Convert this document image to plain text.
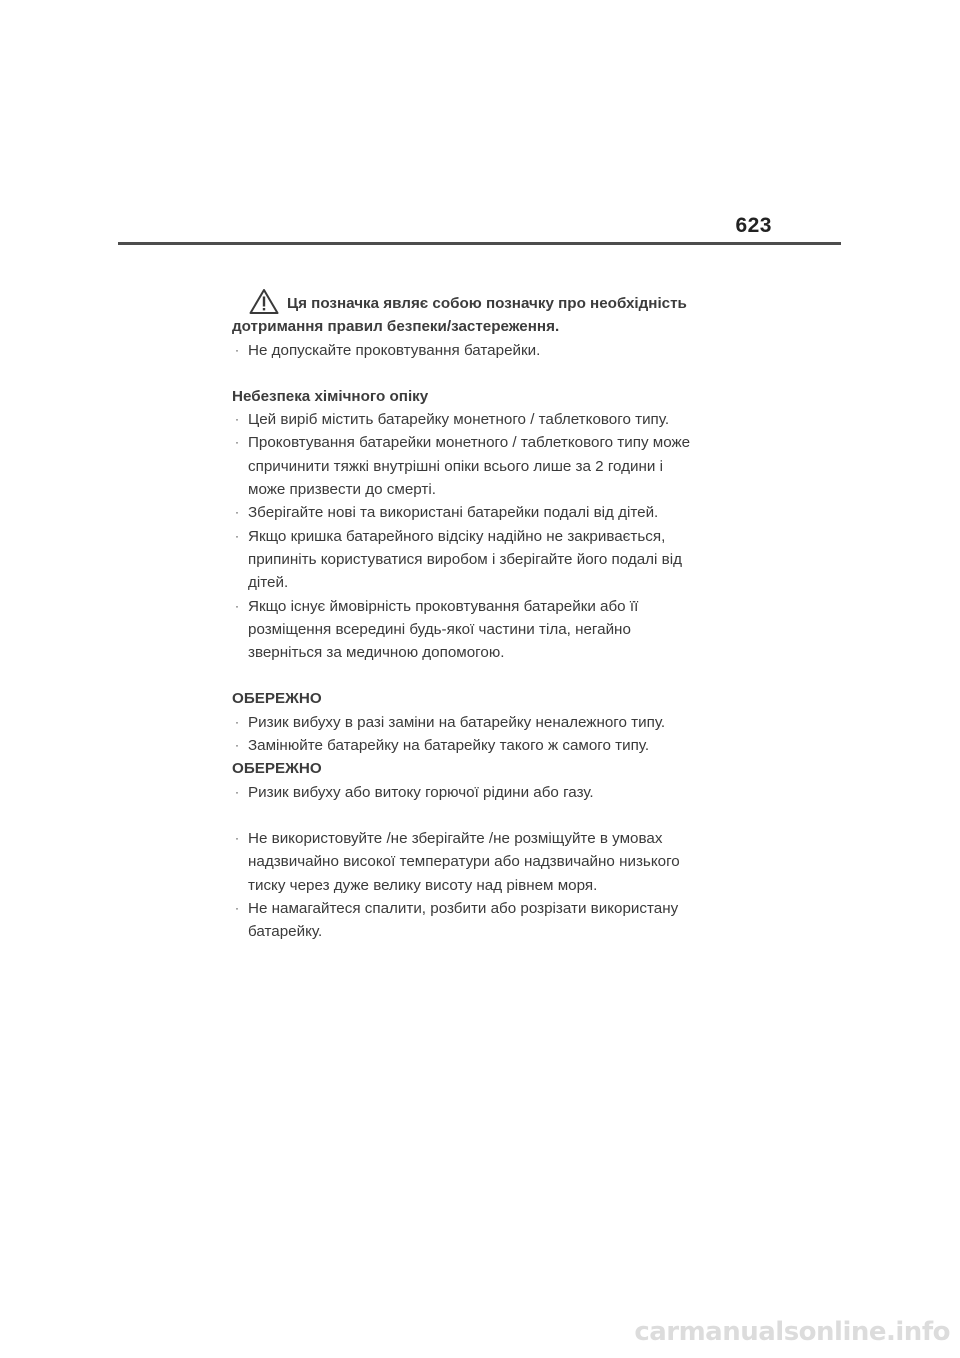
623
Ця позначка являє собою позначку про необхідність
дотримання правил безпеки/застереження.
· Не допускайте проковтування батарейки.
Небезпека хімічного опіку
· Цей виріб містить батарейку монетного / таблеткового типу.
· Проковтування батарейки монетного / таблеткового типу може
спричинити тяжкі внутрішні опіки всього лише за 2 години і
може призвести до смерті.
· Зберігайте нові та використані батарейки подалі від дітей.
· Якщо кришка батарейного відсіку надійно не закривається,
припиніть користуватися виробом і зберігайте його подалі від
дітей.
· Якщо існує ймовірність проковтування батарейки або її
розміщення всередині будь-якої частини тіла, негайно
зверніться за медичною допомогою.
ОБЕРЕЖНО
· Ризик вибуху в разі заміни на батарейку неналежного типу.
· Замінюйте батарейку на батарейку такого ж самого типу.
ОБЕРЕЖНО
· Ризик вибуху або витоку горючої рідини або газу.
· Не використовуйте /не зберігайте /не розміщуйте в умовах
надзвичайно високої температури або надзвичайно низького
тиску через дуже велику висоту над рівнем моря.
· Не намагайтеся спалити, розбити або розрізати використану
батарейку.
carmanualsonline.info
